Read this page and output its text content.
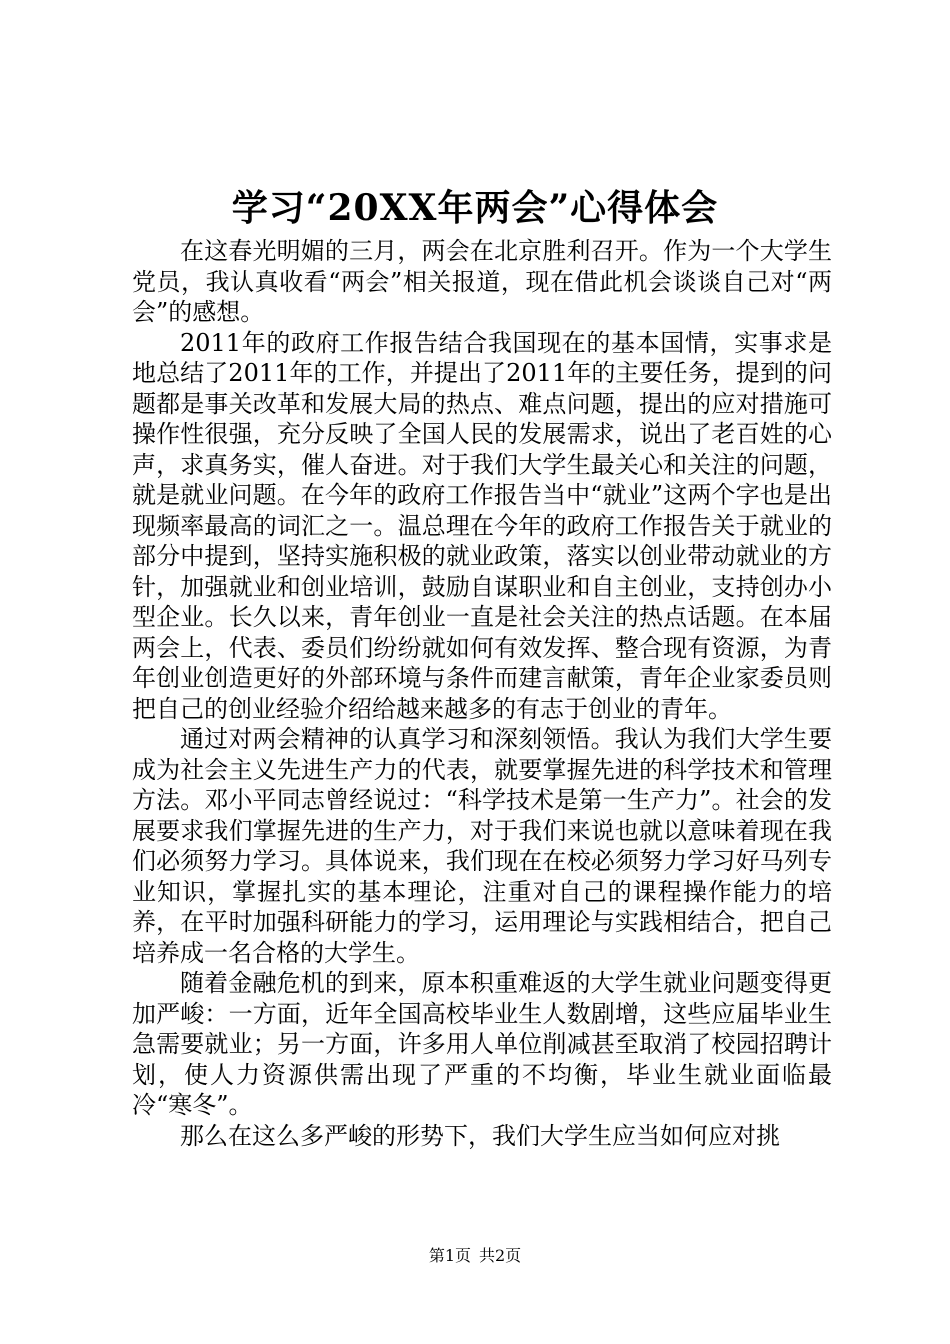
学习“20XX年两会”心得体会

在这春光明媚的三月，两会在北京胜利召开。作为一个大学生党员，我认真收看“两会”相关报道，现在借此机会谈谈自己对“两会”的感想。

2011年的政府工作报告结合我国现在的基本国情，实事求是地总结了2011年的工作，并提出了2011年的主要任务，提到的问题都是事关改革和发展大局的热点、难点问题，提出的应对措施可操作性很强，充分反映了全国人民的发展需求，说出了老百姓的心声，求真务实，催人奋进。对于我们大学生最关心和关注的问题，就是就业问题。在今年的政府工作报告当中“就业”这两个字也是出现频率最高的词汇之一。温总理在今年的政府工作报告关于就业的部分中提到，坚持实施积极的就业政策，落实以创业带动就业的方针，加强就业和创业培训，鼓励自谋职业和自主创业，支持创办小型企业。长久以来，青年创业一直是社会关注的热点话题。在本届两会上，代表、委员们纷纷就如何有效发挥、整合现有资源，为青年创业创造更好的外部环境与条件而建言献策，青年企业家委员则把自己的创业经验介绍给越来越多的有志于创业的青年。

通过对两会精神的认真学习和深刻领悟。我认为我们大学生要成为社会主义先进生产力的代表，就要掌握先进的科学技术和管理方法。邓小平同志曾经说过：“科学技术是第一生产力”。社会的发展要求我们掌握先进的生产力，对于我们来说也就以意味着现在我们必须努力学习。具体说来，我们现在在校必须努力学习好马列专业知识，掌握扎实的基本理论，注重对自己的课程操作能力的培养，在平时加强科研能力的学习，运用理论与实践相结合，把自己培养成一名合格的大学生。

随着金融危机的到来，原本积重难返的大学生就业问题变得更加严峻：一方面，近年全国高校毕业生人数剧增，这些应届毕业生急需要就业；另一方面，许多用人单位削减甚至取消了校园招聘计划，使人力资源供需出现了严重的不均衡，毕业生就业面临最冷“寒冬”。

那么在这么多严峻的形势下，我们大学生应当如何应对挑

第1页 共2页
